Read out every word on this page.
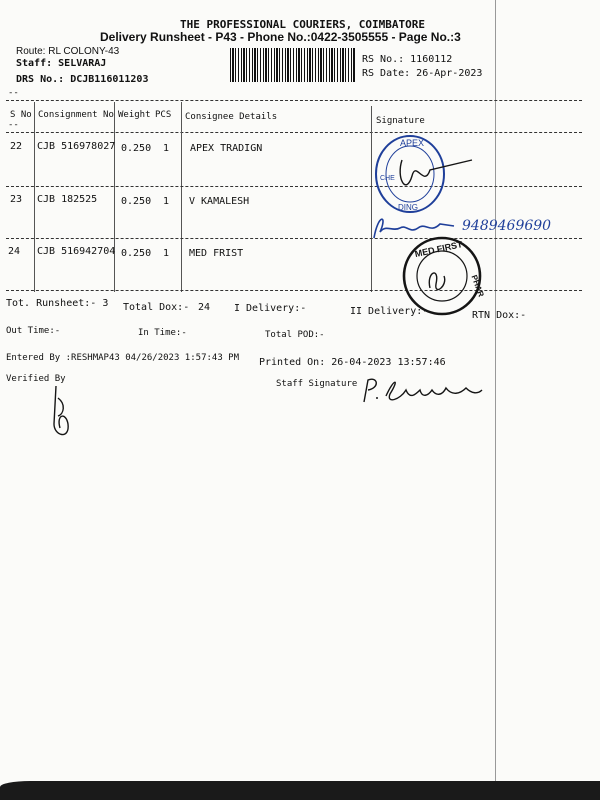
THE PROFESSIONAL COURIERS, COIMBATORE
Delivery Runsheet - P43 - Phone No.:0422-3505555 - Page No.:3
Route: RL COLONY-43
Staff: SELVARAJ
DRS No.: DCJB116011203
RS No.: 1160112
RS Date: 26-Apr-2023
--
S No Consignment No Weight PCS Consignee Details	Signature
--
22 CJB 516978027 0.250 1 APEX TRADIGN
23 CJB 182525 0.250 1 V KAMALESH
24 CJB 516942704 0.250 1 MED FRIST
APEX
CHE
DING
9489469690
MED FIRST
PHAR
Tot. Runsheet:- 3 Total Dox:- 24 I Delivery:-	II Delivery:-	RTN Dox:-
Out Time:-	In Time:-	Total POD:-
Entered By :RESHMAP43 04/26/2023 1:57:43 PM Printed On: 26-04-2023 13:57:46
Verified By	Staff Signature
